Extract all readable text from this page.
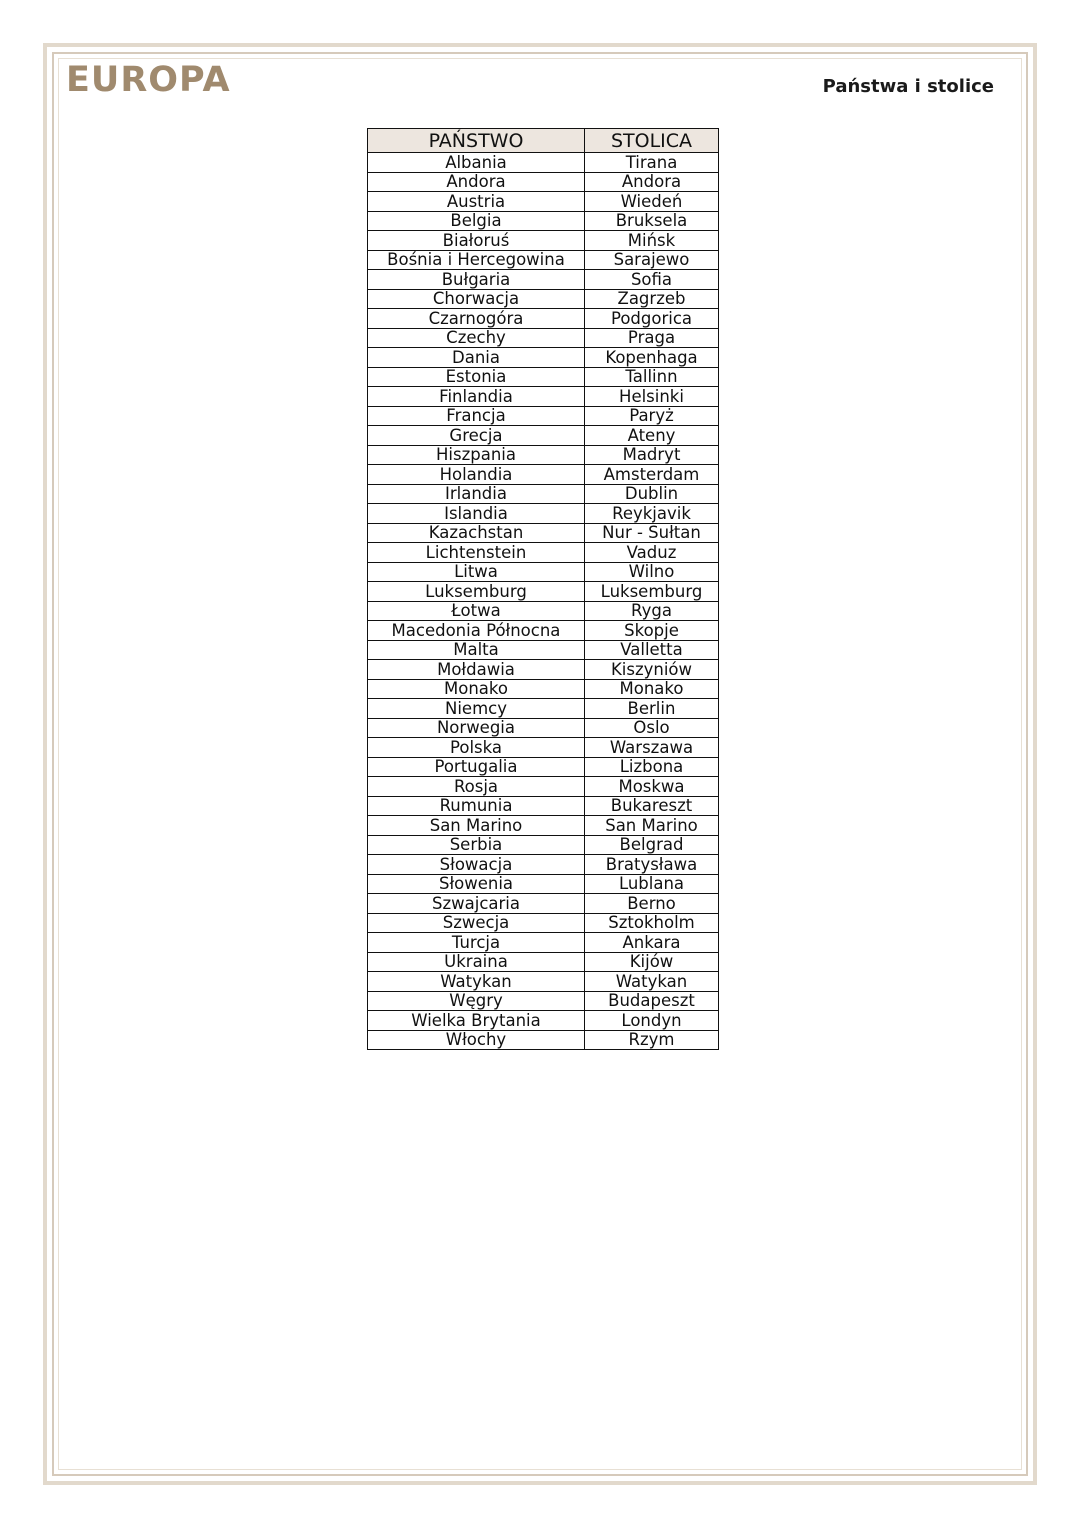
EUROPA	Państwa i stolice
PAŃSTWO	STOLICA
Albania	Tirana
Andora	Andora
Austria	Wiedeń
Belgia	Bruksela
Białoruś	Mińsk
Bośnia i Hercegowina	Sarajewo
Bułgaria	Sofia
Chorwacja	Zagrzeb
Czarnogóra	Podgorica
Czechy	Praga
Dania	Kopenhaga
Estonia	Tallinn
Finlandia	Helsinki
Francja	Paryż
Grecja	Ateny
Hiszpania	Madryt
Holandia	Amsterdam
Irlandia	Dublin
Islandia	Reykjavik
Kazachstan	Nur - Sułtan
Lichtenstein	Vaduz
Litwa	Wilno
Luksemburg	Luksemburg
Łotwa	Ryga
Macedonia Północna	Skopje
Malta	Valletta
Mołdawia	Kiszyniów
Monako	Monako
Niemcy	Berlin
Norwegia	Oslo
Polska	Warszawa
Portugalia	Lizbona
Rosja	Moskwa
Rumunia	Bukareszt
San Marino	San Marino
Serbia	Belgrad
Słowacja	Bratysława
Słowenia	Lublana
Szwajcaria	Berno
Szwecja	Sztokholm
Turcja	Ankara
Ukraina	Kijów
Watykan	Watykan
Węgry	Budapeszt
Wielka Brytania	Londyn
Włochy	Rzym
